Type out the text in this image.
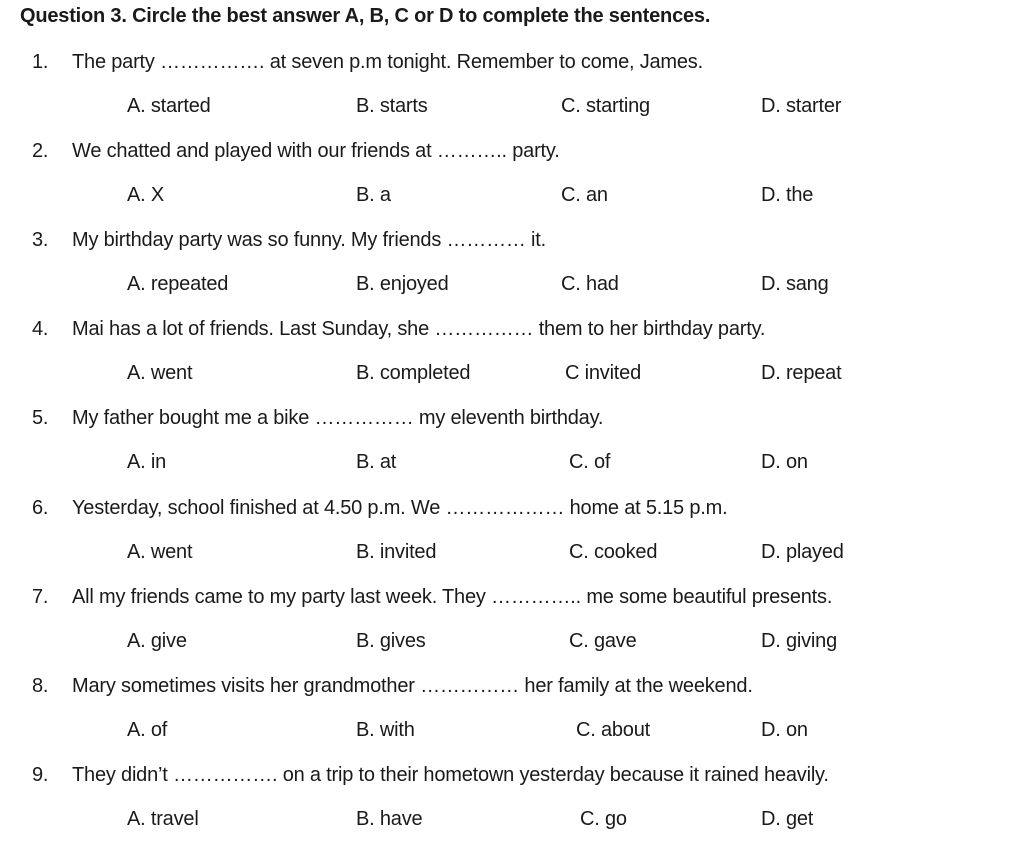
Question 3. Circle the best answer A, B, C or D to complete the sentences.
1. The party ……………. at seven p.m tonight. Remember to come, James.
A. started	B. starts	C. starting	D. starter
2. We chatted and played with our friends at ……….. party.
A. X	B. a	C. an	D. the
3. My birthday party was so funny. My friends ………… it.
A. repeated	B. enjoyed	C. had	D. sang
4. Mai has a lot of friends. Last Sunday, she …………… them to her birthday party.
A. went	B. completed	C invited	D. repeat
5. My father bought me a bike …………… my eleventh birthday.
A. in	B. at	C. of	D. on
6. Yesterday, school finished at 4.50 p.m. We ……………… home at 5.15 p.m.
A. went	B. invited	C. cooked	D. played
7. All my friends came to my party last week. They ………….. me some beautiful presents.
A. give	B. gives	C. gave	D. giving
8. Mary sometimes visits her grandmother …………… her family at the weekend.
A. of	B. with	C. about	D. on
9. They didn’t ……………. on a trip to their hometown yesterday because it rained heavily.
A. travel	B. have	C. go	D. get
